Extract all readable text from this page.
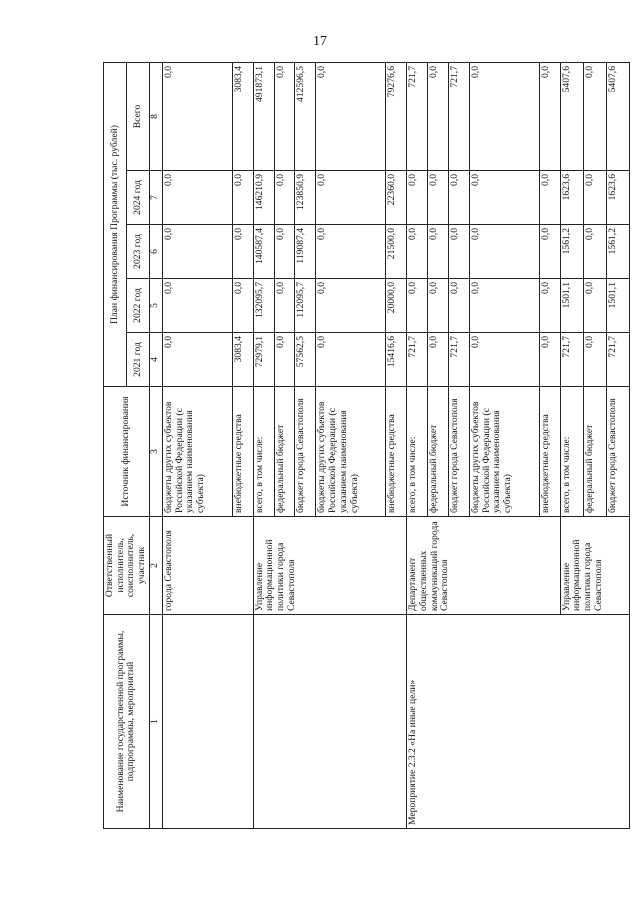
17
Наименование государственной программы, подпрограммы, мероприятий	Ответственный исполнитель, соисполнитель, участник	Источник финансирования	План финансирования Программы (тыс. рублей)				
			2021 год	2022 год	2023 год	2024 год	Всего
1	2	3	4	5	6	7	8
	города Севастополя	бюджеты других субъектов Российской Федерации (с указанием наименования субъекта)	0,0	0,0	0,0	0,0	0,0
		внебюджетные средства	3083,4	0,0	0,0	0,0	3083,4
	Управление информационной политики города Севастополя	всего, в том числе:	72979,1	132095,7	140587,4	146210,9	491873,1
		федеральный бюджет	0,0	0,0	0,0	0,0	0,0
		бюджет города Севастополя	57562,5	112095,7	119087,4	123850,9	412596,5
		бюджеты других субъектов Российской Федерации (с указанием наименования субъекта)	0,0	0,0	0,0	0,0	0,0
		внебюджетные средства	15416,6	20000,0	21500,0	22360,0	79276,6
Мероприятие 2.3.2 «На иные цели»	Департамент общественных коммуникаций города Севастополя	всего, в том числе:	721,7	0,0	0,0	0,0	721,7
		федеральный бюджет	0,0	0,0	0,0	0,0	0,0
		бюджет города Севастополя	721,7	0,0	0,0	0,0	721,7
		бюджеты других субъектов Российской Федерации (с указанием наименования субъекта)	0,0	0,0	0,0	0,0	0,0
		внебюджетные средства	0,0	0,0	0,0	0,0	0,0
	Управление информационной политики города Севастополя	всего, в том числе:	721,7	1501,1	1561,2	1623,6	5407,6
		федеральный бюджет	0,0	0,0	0,0	0,0	0,0
		бюджет города Севастополя	721,7	1501,1	1561,2	1623,6	5407,6
